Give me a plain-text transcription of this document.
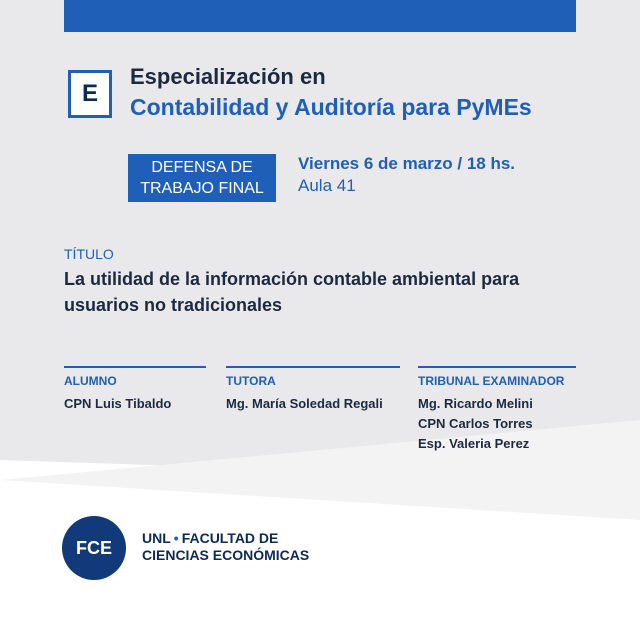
E
Especialización en
Contabilidad y Auditoría para PyMEs
DEFENSA DE
TRABAJO FINAL
Viernes 6 de marzo / 18 hs.
Aula 41
TÍTULO
La utilidad de la información contable ambiental para usuarios no tradicionales
ALUMNO
CPN Luis Tibaldo
TUTORA
Mg. María Soledad Regali
TRIBUNAL EXAMINADOR
Mg. Ricardo Melini
CPN Carlos Torres
Esp. Valeria Perez
FCE	UNL • FACULTAD DE
CIENCIAS ECONÓMICAS
